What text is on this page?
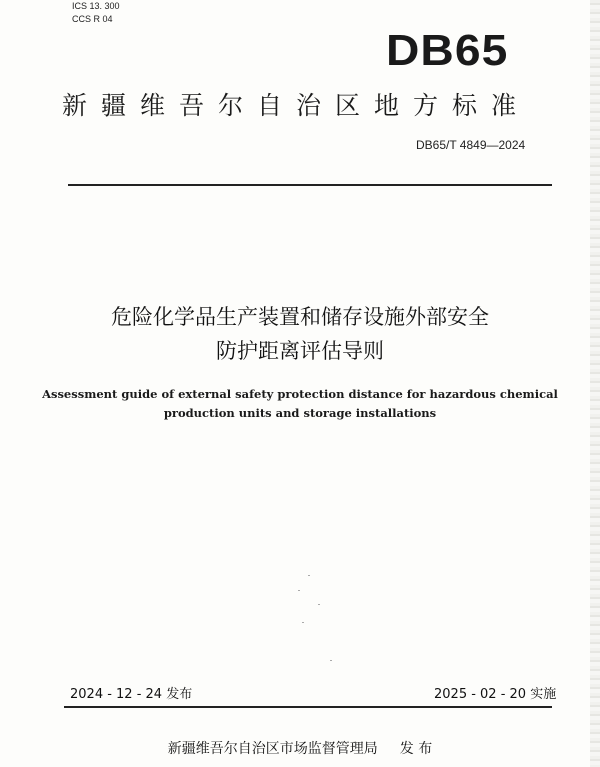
ICS 13. 300
CCS R 04
DB65
新疆维吾尔自治区地方标准
DB65/T 4849—2024
危险化学品生产装置和储存设施外部安全
防护距离评估导则
Assessment guide of external safety protection distance for hazardous chemical
production units and storage installations
2024 - 12 - 24 发布	2025 - 02 - 20 实施
新疆维吾尔自治区市场监督管理局 发 布
